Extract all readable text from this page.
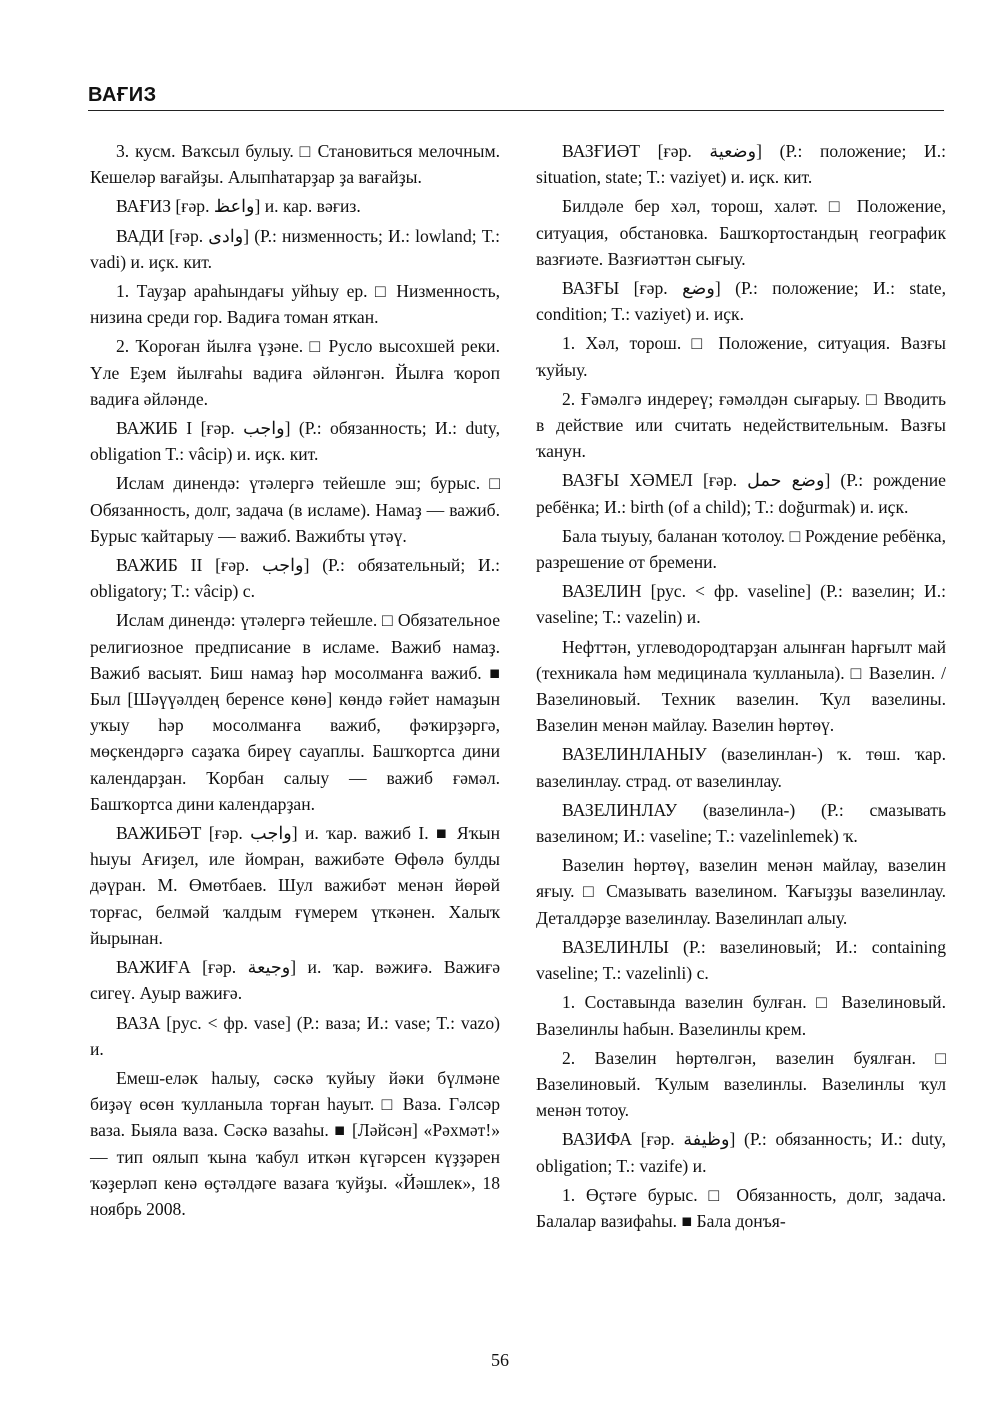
ВАҒИЗ

3. кусм. Ваҡсыл булыу. □ Становиться мелочным. Кешеләр вағайҙы. Алыпһатарҙар ҙа вағайҙы.

ВАҒИЗ [ғәр. واعظ] и. кар. вәғиз.

ВАДИ [ғәр. وادى] (Р.: низменность; И.: lowland; Т.: vadi) и. иҫк. кит.

1. Тауҙар араһындағы уйһыу ер. □ Низменность, низина среди гор. Вадиға томан яткан.

2. Ҡороған йылға үҙәне. □ Русло высохшей реки. Үле Еҙем йылғаһы вадиға әйләнгән. Йылға ҡороп вадиға әйләнде.

ВАЖИБ I [ғәр. واجب] (Р.: обязанность; И.: duty, obligation T.: vâcip) и. иҫк. кит.

Ислам динендә: үтәлергә тейешле эш; бурыс. □ Обязанность, долг, задача (в исламе). Намаҙ — важиб. Бурыс ҡайтарыу — важиб. Важибты үтәү.

ВАЖИБ II [ғәр. واجب] (Р.: обязательный; И.: obligatory; T.: vâcip) с.

Ислам динендә: үтәлергә тейешле. □ Обязательное религиозное предписание в исламе. Важиб намаҙ. Важиб васыят. Биш намаҙ һәр мосолманға важиб. ■ Был [Шәүүәлдең беренсе көнө] көндә ғәйет намаҙын уҡыу һәр мосолманға важиб, фәҡирҙәргә, мөҫкендәргә саҙаҡа биреү сауаплы. Башҡортса дини календарҙан. Ҡорбан салыу — важиб ғәмәл. Башҡортса дини календарҙан.

ВАЖИБӘТ [ғәр. واجب] и. ҡар. важиб I. ■ Яҡын һыуы Ағиҙел, иле йомран, важибәте Өфөлә булды дәүран. М. Өмөтбаев. Шул важибәт менән йөрөй торғас, белмәй ҡалдым ғүмерем үткәнен. Халыҡ йырынан.

ВАЖИҒА [ғәр. وجيعة] и. ҡар. вәжиғә. Важиғә сигеү. Ауыр важиғә.

ВАЗА [рус. < фр. vase] (Р.: ваза; И.: vase; T.: vazo) и.

Емеш-еләк һалыу, сәскә ҡуйыу йәки бүлмәне биҙәү өсөн ҡулланыла торған һауыт. □ Ваза. Гәлсәр ваза. Быяла ваза. Сәскә вазаһы. ■ [Ләйсән] «Рәхмәт!» — тип оялып ҡына ҡабул иткән күгәрсен күҙҙәрен ҡәҙерләп кенә өҫтәлдәге вазаға ҡуйҙы. «Йәшлек», 18 ноябрь 2008.

ВАЗҒИӘТ [ғәр. وضعية] (Р.: положение; И.: situation, state; T.: vaziyet) и. иҫк. кит.

Билдәле бер хәл, торош, халәт. □ Положение, ситуация, обстановка. Башҡортостандың географик вазғиәте. Вазғиәттән сығыу.

ВАЗҒЫ [ғәр. وضع] (Р.: положение; И.: state, condition; T.: vaziyet) и. иҫк.

1. Хәл, торош. □ Положение, ситуация. Вазғы ҡуйыу.

2. Ғәмәлгә индереү; ғәмәлдән сығарыу. □ Вводить в действие или считать недействительным. Вазғы ҡанун.

ВАЗҒЫ ХӘМЕЛ [ғәр. وضع حمل] (Р.: рождение ребёнка; И.: birth (of a child); T.: doğurmak) и. иҫк.

Бала тыуыу, баланан ҡотолоу. □ Рождение ребёнка, разрешение от бремени.

ВАЗЕЛИН [рус. < фр. vaseline] (Р.: вазелин; И.: vaseline; T.: vazelin) и.

Нефттән, углеводородтарҙан алынған һарғылт май (техникала һәм медицинала ҡулланыла). □ Вазелин. / Вазелиновый. Техник вазелин. Ҡул вазелины. Вазелин менән майлау. Вазелин һөртөү.

ВАЗЕЛИНЛАНЫУ (вазелинлан-) ҡ. төш. ҡар. вазелинлау. страд. от вазелинлау.

ВАЗЕЛИНЛАУ (вазелинла-) (Р.: смазывать вазелином; И.: vaseline; T.: vazelinlemek) ҡ.

Вазелин һөртөү, вазелин менән майлау, вазелин яғыу. □ Смазывать вазелином. Ҡағыҙҙы вазелинлау. Деталдәрҙе вазелинлау. Вазелинлап алыу.

ВАЗЕЛИНЛЫ (Р.: вазелиновый; И.: containing vaseline; T.: vazelinli) с.

1. Составында вазелин булған. □ Вазелиновый. Вазелинлы һабын. Вазелинлы крем.

2. Вазелин һөртөлгән, вазелин буялған. □ Вазелиновый. Ҡулым вазелинлы. Вазелинлы ҡул менән тотоу.

ВАЗИФА [ғәр. وظيفة] (Р.: обязанность; И.: duty, obligation; T.: vazife) и.

1. Өҫтәге бурыс. □ Обязанность, долг, задача. Балалар вазифаһы. ■ Бала донъя-

56
